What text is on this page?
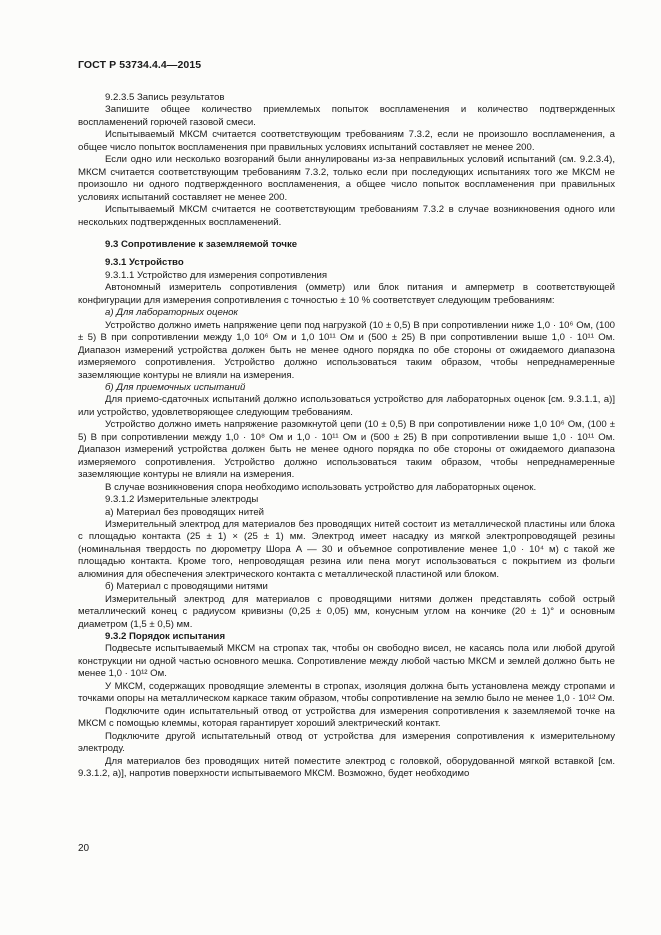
ГОСТ Р 53734.4.4—2015

9.2.3.5 Запись результатов

Запишите общее количество приемлемых попыток воспламенения и количество подтвержденных воспламенений горючей газовой смеси.

Испытываемый МКСМ считается соответствующим требованиям 7.3.2, если не произошло воспламенения, а общее число попыток воспламенения при правильных условиях испытаний составляет не менее 200.

Если одно или несколько возгораний были аннулированы из-за неправильных условий испытаний (см. 9.2.3.4), МКСМ считается соответствующим требованиям 7.3.2, только если при последующих испытаниях того же МКСМ не произошло ни одного подтвержденного воспламенения, а общее число попыток воспламенения при правильных условиях испытаний составляет не менее 200.

Испытываемый МКСМ считается не соответствующим требованиям 7.3.2 в случае возникновения одного или нескольких подтвержденных воспламенений.

9.3 Сопротивление к заземляемой точке

9.3.1 Устройство

9.3.1.1 Устройство для измерения сопротивления

Автономный измеритель сопротивления (омметр) или блок питания и амперметр в соответствующей конфигурации для измерения сопротивления с точностью ± 10 % соответствует следующим требованиям:

а) Для лабораторных оценок

Устройство должно иметь напряжение цепи под нагрузкой (10 ± 0,5) В при сопротивлении ниже 1,0 · 10⁶ Ом, (100 ± 5) В при сопротивлении между 1,0 10⁶ Ом и 1,0 10¹¹ Ом и (500 ± 25) В при сопротивлении выше 1,0 · 10¹¹ Ом. Диапазон измерений устройства должен быть не менее одного порядка по обе стороны от ожидаемого диапазона измеряемого сопротивления. Устройство должно использоваться таким образом, чтобы непреднамеренные заземляющие контуры не влияли на измерения.

б) Для приемочных испытаний

Для приемо-сдаточных испытаний должно использоваться устройство для лабораторных оценок [см. 9.3.1.1, а)] или устройство, удовлетворяющее следующим требованиям.

Устройство должно иметь напряжение разомкнутой цепи (10 ± 0,5) В при сопротивлении ниже 1,0 10⁶ Ом, (100 ± 5) В при сопротивлении между 1,0 · 10⁸ Ом и 1,0 · 10¹¹ Ом и (500 ± 25) В при сопротивлении выше 1,0 · 10¹¹ Ом. Диапазон измерений устройства должен быть не менее одного порядка по обе стороны от ожидаемого диапазона измеряемого сопротивления. Устройство должно использоваться таким образом, чтобы непреднамеренные заземляющие контуры не влияли на измерения.

В случае возникновения спора необходимо использовать устройство для лабораторных оценок.

9.3.1.2 Измерительные электроды

а) Материал без проводящих нитей

Измерительный электрод для материалов без проводящих нитей состоит из металлической пластины или блока с площадью контакта (25 ± 1) × (25 ± 1) мм. Электрод имеет насадку из мягкой электропроводящей резины (номинальная твердость по дюрометру Шора А — 30 и объемное сопротивление менее 1,0 · 10⁴ м) с такой же площадью контакта. Кроме того, непроводящая резина или пена могут использоваться с покрытием из фольги алюминия для обеспечения электрического контакта с металлической пластиной или блоком.

б) Материал с проводящими нитями

Измерительный электрод для материалов с проводящими нитями должен представлять собой острый металлический конец с радиусом кривизны (0,25 ± 0,05) мм, конусным углом на кончике (20 ± 1)° и основным диаметром (1,5 ± 0,5) мм.

9.3.2 Порядок испытания

Подвесьте испытываемый МКСМ на стропах так, чтобы он свободно висел, не касаясь пола или любой другой конструкции ни одной частью основного мешка. Сопротивление между любой частью МКСМ и землей должно быть не менее 1,0 · 10¹² Ом.

У МКСМ, содержащих проводящие элементы в стропах, изоляция должна быть установлена между стропами и точками опоры на металлическом каркасе таким образом, чтобы сопротивление на землю было не менее 1,0 · 10¹² Ом.

Подключите один испытательный отвод от устройства для измерения сопротивления к заземляемой точке на МКСМ с помощью клеммы, которая гарантирует хороший электрический контакт.

Подключите другой испытательный отвод от устройства для измерения сопротивления к измерительному электроду.

Для материалов без проводящих нитей поместите электрод с головкой, оборудованной мягкой вставкой [см. 9.3.1.2, а)], напротив поверхности испытываемого МКСМ. Возможно, будет необходимо

20
